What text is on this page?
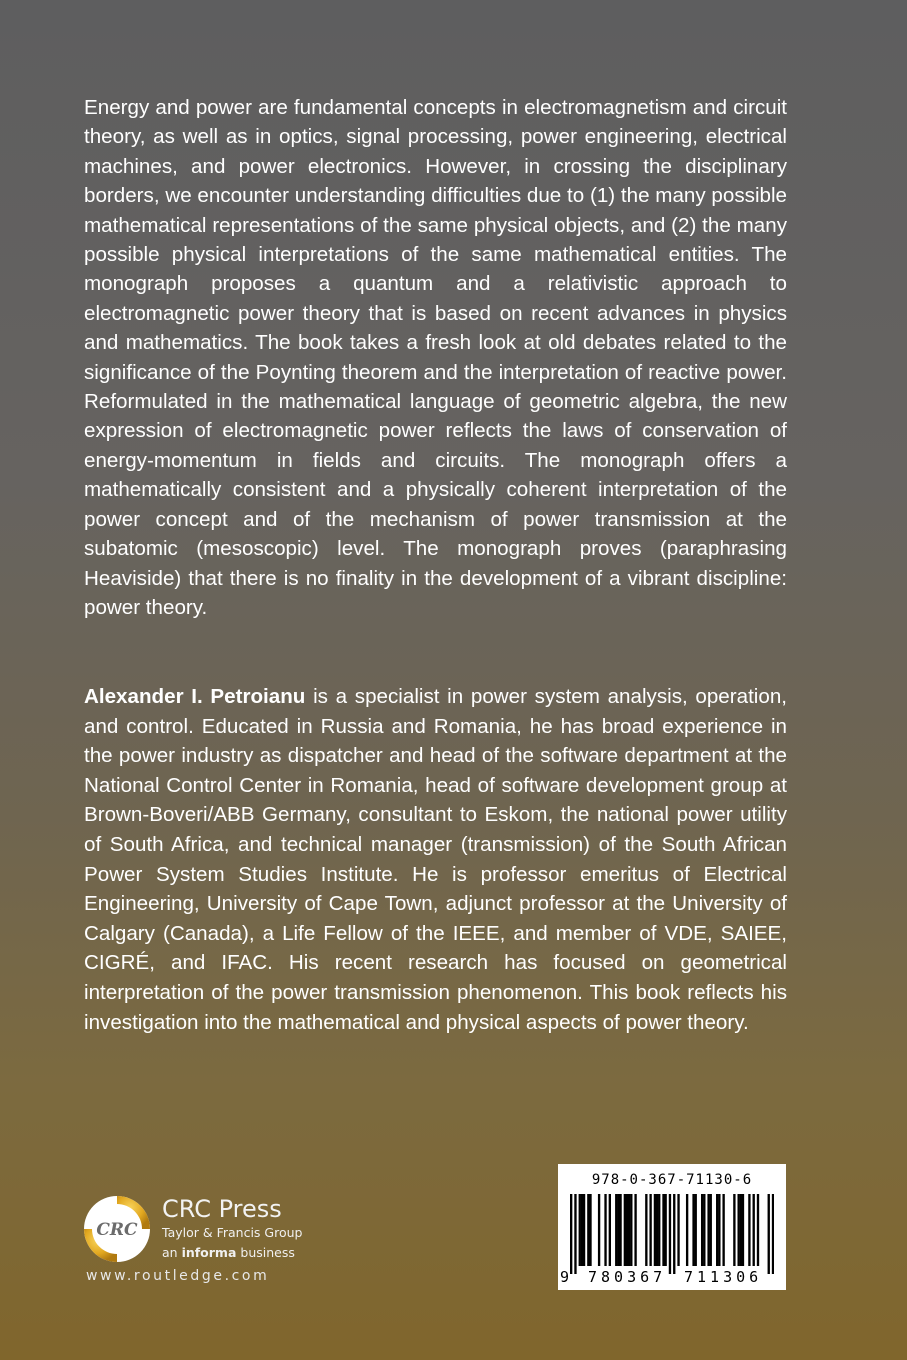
Energy and power are fundamental concepts in electromagnetism and circuit theory, as well as in optics, signal processing, power engineering, electrical machines, and power electronics. However, in crossing the disciplinary borders, we encounter understanding difficulties due to (1) the many possible mathematical representations of the same physical objects, and (2) the many possible physical interpretations of the same mathematical entities. The monograph proposes a quantum and a relativistic approach to electromagnetic power theory that is based on recent advances in physics and mathematics. The book takes a fresh look at old debates related to the significance of the Poynting theorem and the interpretation of reactive power. Reformulated in the mathematical language of geometric algebra, the new expression of electromagnetic power reflects the laws of conservation of energy-momentum in fields and circuits. The monograph offers a mathematically consistent and a physically coherent interpretation of the power concept and of the mechanism of power transmission at the subatomic (mesoscopic) level. The monograph proves (paraphrasing Heaviside) that there is no finality in the development of a vibrant discipline: power theory.

Alexander I. Petroianu is a specialist in power system analysis, operation, and control. Educated in Russia and Romania, he has broad experience in the power industry as dispatcher and head of the software department at the National Control Center in Romania, head of software development group at Brown-Boveri/ABB Germany, consultant to Eskom, the national power utility of South Africa, and technical manager (transmission) of the South African Power System Studies Institute. He is professor emeritus of Electrical Engineering, University of Cape Town, adjunct professor at the University of Calgary (Canada), a Life Fellow of the IEEE, and member of VDE, SAIEE, CIGRÉ, and IFAC. His recent research has focused on geometrical interpretation of the power transmission phenomenon. This book reflects his investigation into the mathematical and physical aspects of power theory.

CRC
CRC Press
Taylor & Francis Group
an informa business
www.routledge.com
978-0-367-71130-6
9 780367 711306
